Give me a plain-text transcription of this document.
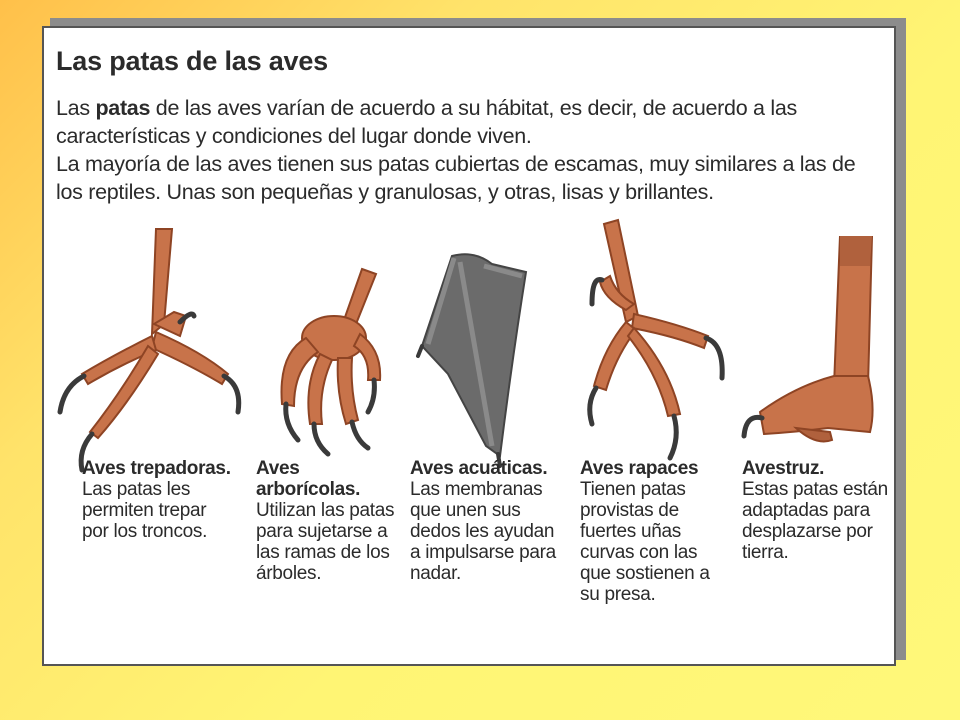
Las patas de las aves

Las patas de las aves varían de acuerdo a su hábitat, es decir, de acuerdo a las características y condiciones del lugar donde viven.
La mayoría de las aves tienen sus patas cubiertas de escamas, muy similares a las de los reptiles. Unas son pequeñas y granulosas, y otras, lisas y brillantes.

Aves trepadoras.
Las patas les permiten trepar por los troncos.

Aves arborícolas.
Utilizan las patas para sujetarse a las ramas de los árboles.

Aves acuáticas.
Las membranas que unen sus dedos les ayudan a impulsarse para nadar.

Aves rapaces
Tienen patas provistas de fuertes uñas curvas con las que sostienen a su presa.

Avestruz.
Estas patas están adaptadas para desplazarse por tierra.
